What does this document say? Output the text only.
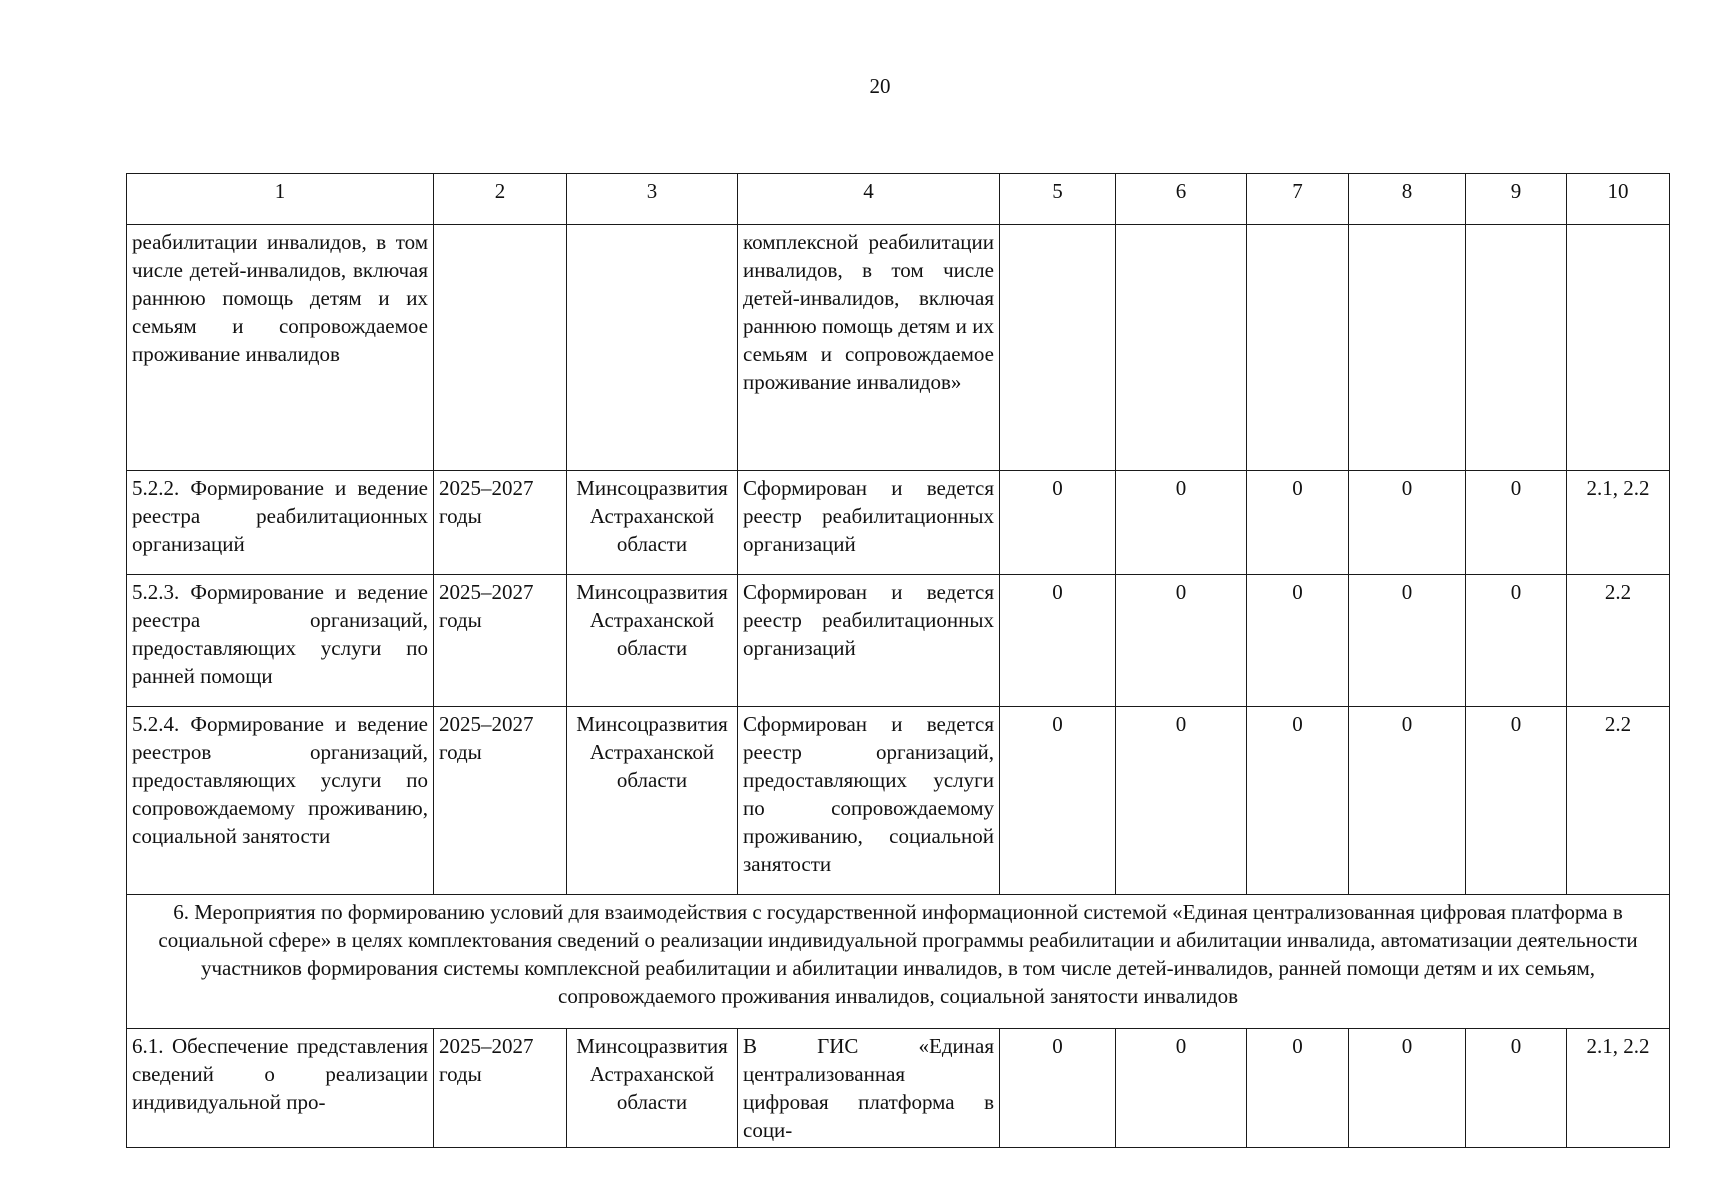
20
1	2	3	4	5	6	7	8	9	10
реабилитации инвалидов, в том числе детей-инвалидов, включая раннюю помощь детям и их семьям и сопровождаемое проживание инвалидов			комплексной реабилитации инвалидов, в том числе детей-инвалидов, включая раннюю помощь детям и их семьям и сопровождаемое проживание инвалидов»						
5.2.2. Формирование и ведение реестра реабилитационных организаций	2025–2027 годы	Минсоцразвития Астраханской области	Сформирован и ведется реестр реабилитационных организаций	0	0	0	0	0	2.1, 2.2
5.2.3. Формирование и ведение реестра организаций, предоставляющих услуги по ранней помощи	2025–2027 годы	Минсоцразвития Астраханской области	Сформирован и ведется реестр реабилитационных организаций	0	0	0	0	0	2.2
5.2.4. Формирование и ведение реестров организаций, предоставляющих услуги по сопровождаемому проживанию, социальной занятости	2025–2027 годы	Минсоцразвития Астраханской области	Сформирован и ведется реестр организаций, предоставляющих услуги по сопровождаемому проживанию, социальной занятости	0	0	0	0	0	2.2
6. Мероприятия по формированию условий для взаимодействия с государственной информационной системой «Единая централизованная цифровая платформа в социальной сфере» в целях комплектования сведений о реализации индивидуальной программы реабилитации и абилитации инвалида, автоматизации деятельности участников формирования системы комплексной реабилитации и абилитации инвалидов, в том числе детей-инвалидов, ранней помощи детям и их семьям, сопровождаемого проживания инвалидов, социальной занятости инвалидов									
6.1. Обеспечение представления сведений о реализации индивидуальной про-	2025–2027 годы	Минсоцразвития Астраханской области	В ГИС «Единая централизованная цифровая платформа в соци-	0	0	0	0	0	2.1, 2.2
